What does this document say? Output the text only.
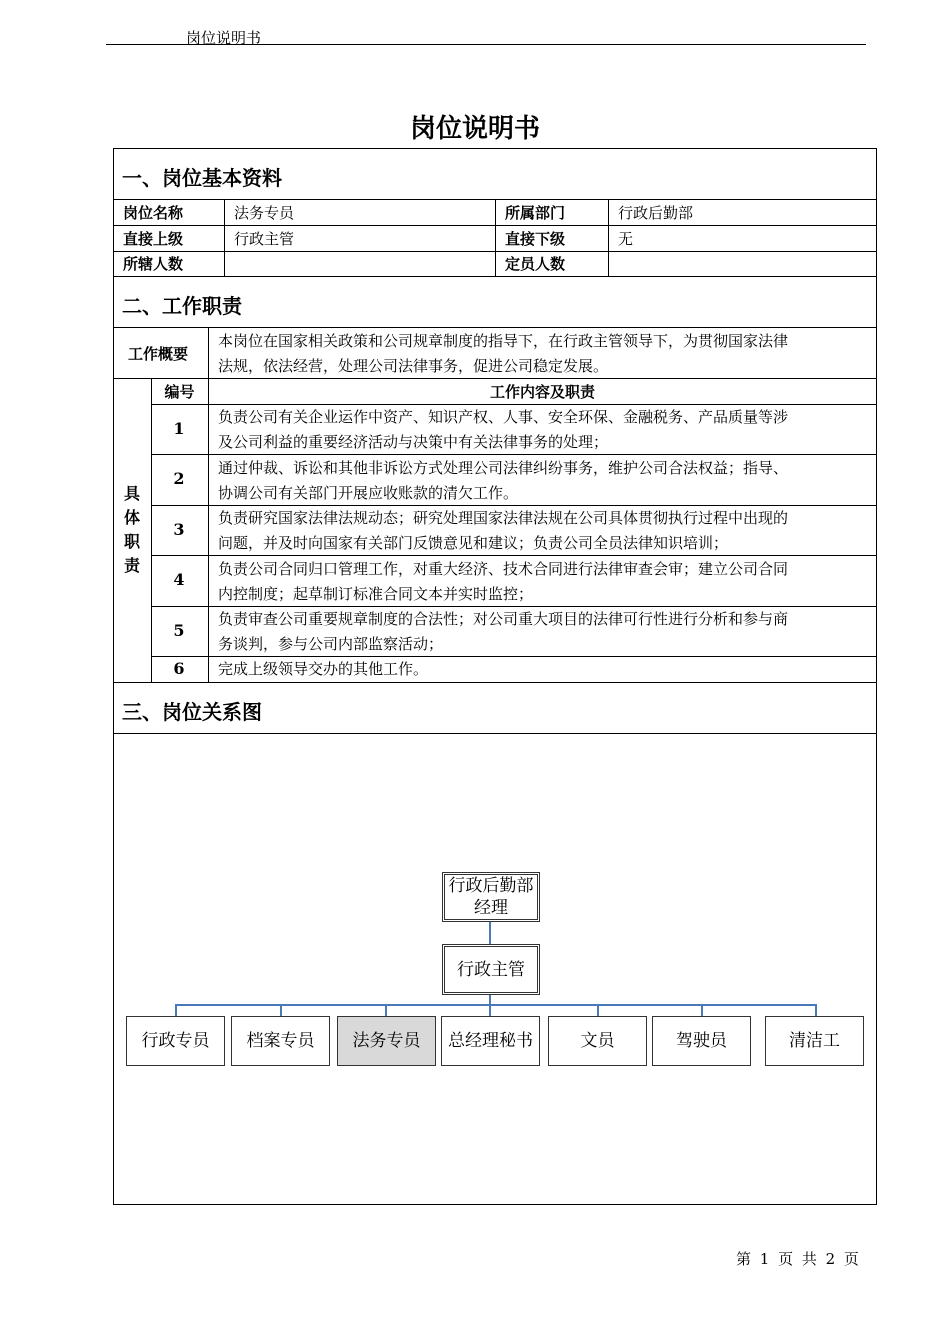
岗位说明书
岗位说明书
一、岗位基本资料
岗位名称	法务专员	所属部门	行政后勤部
直接上级	行政主管	直接下级	无
所辖人数	定员人数
二、工作职责
工作概要
本岗位在国家相关政策和公司规章制度的指导下，在行政主管领导下，为贯彻国家法律
法规，依法经营，处理公司法律事务，促进公司稳定发展。
具
体
职
责
编号	工作内容及职责
1
负责公司有关企业运作中资产、知识产权、人事、安全环保、金融税务、产品质量等涉
及公司利益的重要经济活动与决策中有关法律事务的处理；
2
通过仲裁、诉讼和其他非诉讼方式处理公司法律纠纷事务，维护公司合法权益；指导、
协调公司有关部门开展应收账款的清欠工作。
3
负责研究国家法律法规动态；研究处理国家法律法规在公司具体贯彻执行过程中出现的
问题，并及时向国家有关部门反馈意见和建议；负责公司全员法律知识培训；
4
负责公司合同归口管理工作，对重大经济、技术合同进行法律审查会审；建立公司合同
内控制度；起草制订标准合同文本并实时监控；
5
负责审查公司重要规章制度的合法性；对公司重大项目的法律可行性进行分析和参与商
务谈判，参与公司内部监察活动；
6	完成上级领导交办的其他工作。
三、岗位关系图
行政后勤部
经理
行政主管
行政专员	档案专员	法务专员	总经理秘书	文员	驾驶员	清洁工
第 1 页 共 2 页
